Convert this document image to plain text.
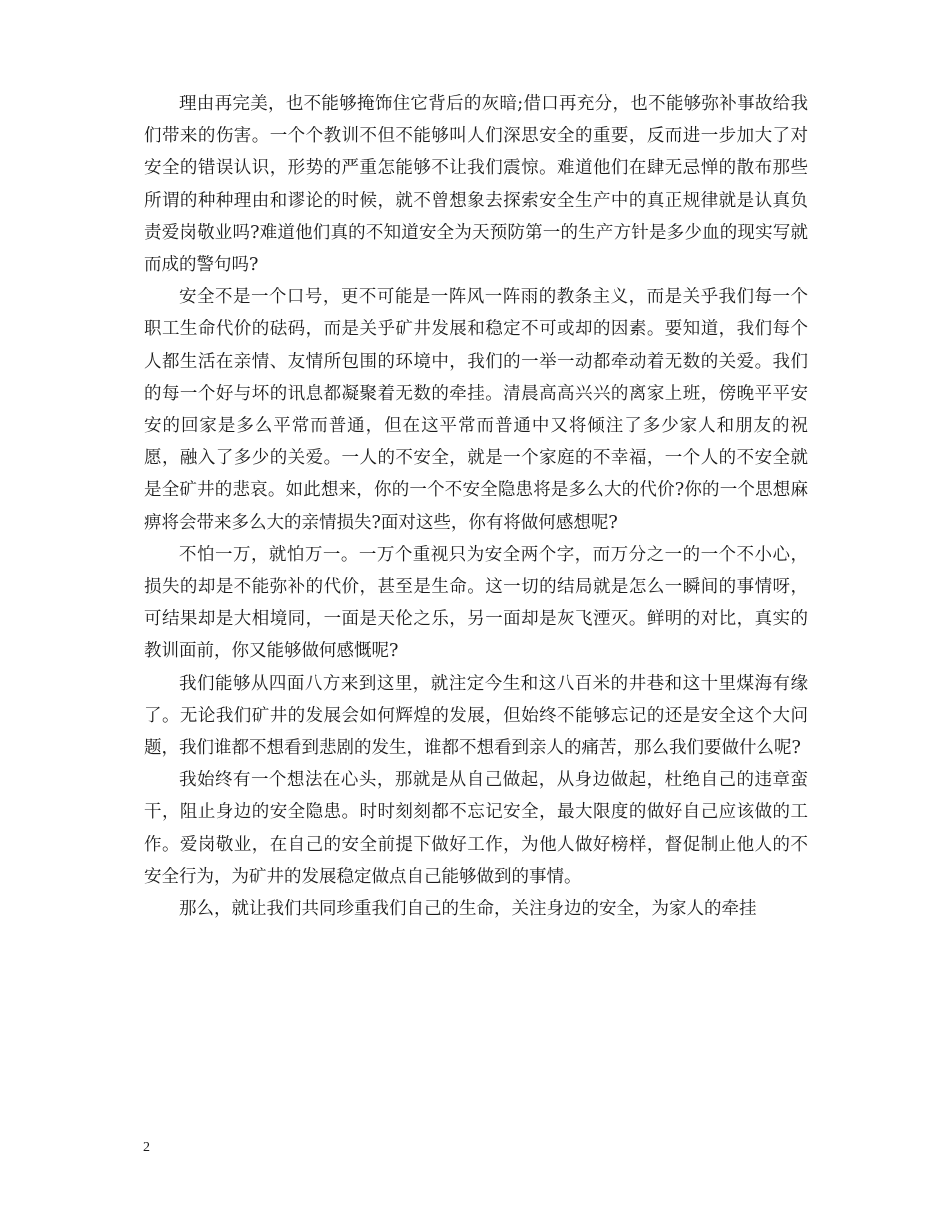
理由再完美，也不能够掩饰住它背后的灰暗;借口再充分，也不能够弥补事故给我们带来的伤害。一个个教训不但不能够叫人们深思安全的重要，反而进一步加大了对安全的错误认识，形势的严重怎能够不让我们震惊。难道他们在肆无忌惮的散布那些所谓的种种理由和谬论的时候，就不曾想象去探索安全生产中的真正规律就是认真负责爱岗敬业吗?难道他们真的不知道安全为天预防第一的生产方针是多少血的现实写就而成的警句吗?

安全不是一个口号，更不可能是一阵风一阵雨的教条主义，而是关乎我们每一个职工生命代价的砝码，而是关乎矿井发展和稳定不可或却的因素。要知道，我们每个人都生活在亲情、友情所包围的环境中，我们的一举一动都牵动着无数的关爱。我们的每一个好与坏的讯息都凝聚着无数的牵挂。清晨高高兴兴的离家上班，傍晚平平安安的回家是多么平常而普通，但在这平常而普通中又将倾注了多少家人和朋友的祝愿，融入了多少的关爱。一人的不安全，就是一个家庭的不幸福，一个人的不安全就是全矿井的悲哀。如此想来，你的一个不安全隐患将是多么大的代价?你的一个思想麻痹将会带来多么大的亲情损失?面对这些，你有将做何感想呢?

不怕一万，就怕万一。一万个重视只为安全两个字，而万分之一的一个不小心，损失的却是不能弥补的代价，甚至是生命。这一切的结局就是怎么一瞬间的事情呀，可结果却是大相境同，一面是天伦之乐，另一面却是灰飞湮灭。鲜明的对比，真实的教训面前，你又能够做何感慨呢?

我们能够从四面八方来到这里，就注定今生和这八百米的井巷和这十里煤海有缘了。无论我们矿井的发展会如何辉煌的发展，但始终不能够忘记的还是安全这个大问题，我们谁都不想看到悲剧的发生，谁都不想看到亲人的痛苦，那么我们要做什么呢?

我始终有一个想法在心头，那就是从自己做起，从身边做起，杜绝自己的违章蛮干，阻止身边的安全隐患。时时刻刻都不忘记安全，最大限度的做好自己应该做的工作。爱岗敬业，在自己的安全前提下做好工作，为他人做好榜样，督促制止他人的不安全行为，为矿井的发展稳定做点自己能够做到的事情。

那么，就让我们共同珍重我们自己的生命，关注身边的安全，为家人的牵挂

2
